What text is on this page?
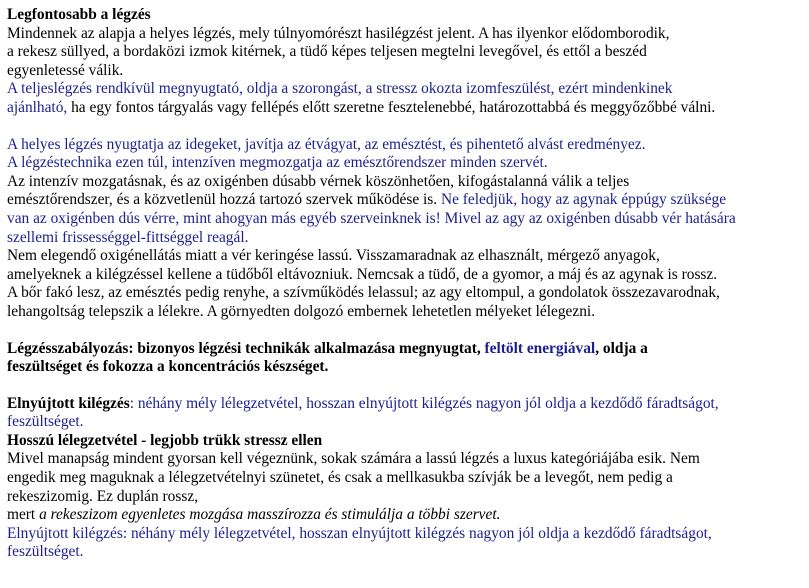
Legfontosabb a légzés
Mindennek az alapja a helyes légzés, mely túlnyomórészt hasilégzést jelent. A has ilyenkor elődomborodik,
a rekesz süllyed, a bordaközi izmok kitérnek, a tüdő képes teljesen megtelni levegővel, és ettől a beszéd
egyenletessé válik.
A teljeslégzés rendkívül megnyugtató, oldja a szorongást, a stressz okozta izomfeszülést, ezért mindenkinek

ajánlható, ha egy fontos tárgyalás vagy fellépés előtt szeretne fesztelenebbé, határozottabbá és meggyőzőbbé válni.

A helyes légzés nyugtatja az idegeket, javítja az étvágyat, az emésztést, és pihentető alvást eredményez.
A légzéstechnika ezen túl, intenzíven megmozgatja az emésztőrendszer minden szervét.
Az intenzív mozgatásnak, és az oxigénben dúsabb vérnek köszönhetően, kifogástalanná válik a teljes

emésztőrendszer, és a közvetlenül hozzá tartozó szervek működése is. Ne feledjük, hogy az agynak éppúgy szüksége

van az oxigénben dús vérre, mint ahogyan más egyéb szerveinknek is! Mivel az agy az oxigénben dúsabb vér hatására
szellemi frissességgel-fittséggel reagál.
Nem elegendő oxigénellátás miatt a vér keringése lassú. Visszamaradnak az elhasznált, mérgező anyagok,
amelyeknek a kilégzéssel kellene a tüdőből eltávozniuk. Nemcsak a tüdő, de a gyomor, a máj és az agynak is rossz.
A bőr fakó lesz, az emésztés pedig renyhe, a szívműködés lelassul; az agy eltompul, a gondolatok összezavarodnak,
lehangoltság telepszik a lélekre. A görnyedten dolgozó embernek lehetetlen mélyeket lélegezni.

Légzésszabályozás: bizonyos légzési technikák alkalmazása megnyugtat, feltölt energiával, oldja a

feszültséget és fokozza a koncentrációs készséget.

Elnyújtott kilégzés: néhány mély lélegzetvétel, hosszan elnyújtott kilégzés nagyon jól oldja a kezdődő fáradtságot,

feszültséget.
Hosszú lélegzetvétel - legjobb trükk stressz ellen
Mivel manapság mindent gyorsan kell végeznünk, sokak számára a lassú légzés a luxus kategóriájába esik. Nem
engedik meg maguknak a lélegzetvételnyi szünetet, és csak a mellkasukba szívják be a levegőt, nem pedig a
rekeszizomig. Ez duplán rossz,

mert a rekeszizom egyenletes mozgása masszírozza és stimulálja a többi szervet.

Elnyújtott kilégzés: néhány mély lélegzetvétel, hosszan elnyújtott kilégzés nagyon jól oldja a kezdődő fáradtságot,
feszültséget.
